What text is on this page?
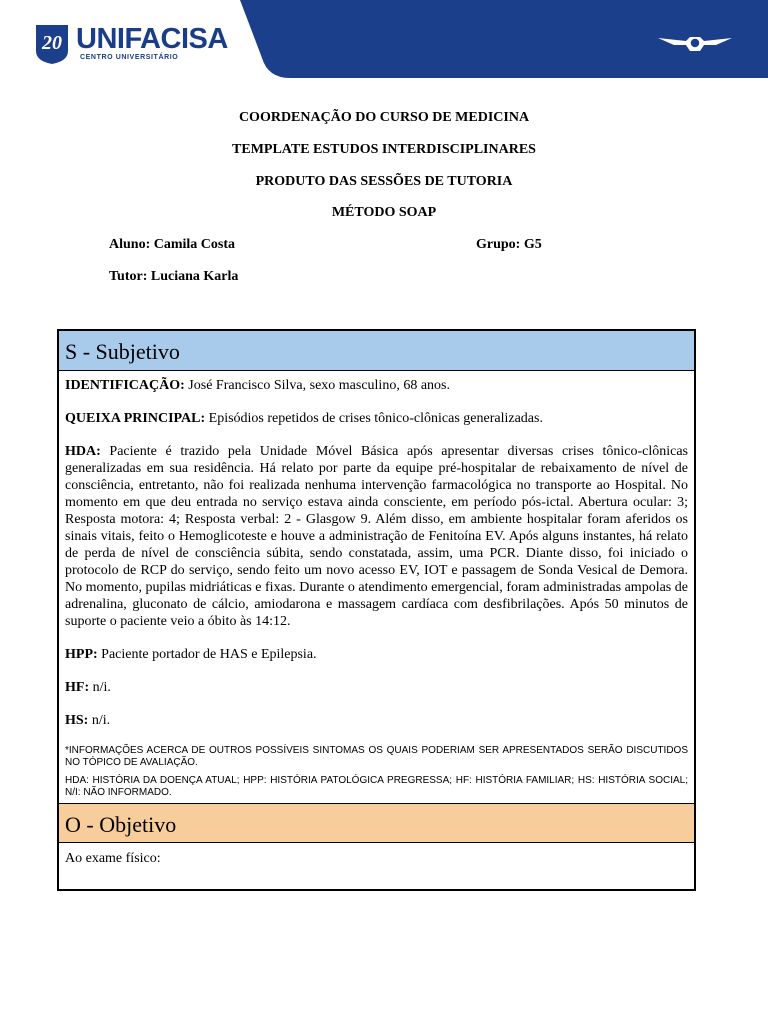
20 UNIFACISA
CENTRO UNIVERSITÁRIO
COORDENAÇÃO DO CURSO DE MEDICINA
TEMPLATE ESTUDOS INTERDISCIPLINARES
PRODUTO DAS SESSÕES DE TUTORIA
MÉTODO SOAP
Aluno: Camila Costa	Grupo: G5
Tutor: Luciana Karla
S - Subjetivo

IDENTIFICAÇÃO: José Francisco Silva, sexo masculino, 68 anos.

QUEIXA PRINCIPAL: Episódios repetidos de crises tônico-clônicas generalizadas.

HDA: Paciente é trazido pela Unidade Móvel Básica após apresentar diversas crises tônico-clônicas generalizadas em sua residência. Há relato por parte da equipe pré-hospitalar de rebaixamento de nível de consciência, entretanto, não foi realizada nenhuma intervenção farmacológica no transporte ao Hospital. No momento em que deu entrada no serviço estava ainda consciente, em período pós-ictal. Abertura ocular: 3; Resposta motora: 4; Resposta verbal: 2 - Glasgow 9. Além disso, em ambiente hospitalar foram aferidos os sinais vitais, feito o Hemoglicoteste e houve a administração de Fenitoína EV. Após alguns instantes, há relato de perda de nível de consciência súbita, sendo constatada, assim, uma PCR. Diante disso, foi iniciado o protocolo de RCP do serviço, sendo feito um novo acesso EV, IOT e passagem de Sonda Vesical de Demora. No momento, pupilas midriáticas e fixas. Durante o atendimento emergencial, foram administradas ampolas de adrenalina, gluconato de cálcio, amiodarona e massagem cardíaca com desfibrilações. Após 50 minutos de suporte o paciente veio a óbito às 14:12.

HPP: Paciente portador de HAS e Epilepsia.

HF: n/i.

HS: n/i.

*INFORMAÇÕES ACERCA DE OUTROS POSSÍVEIS SINTOMAS OS QUAIS PODERIAM SER APRESENTADOS SERÃO DISCUTIDOS NO TÓPICO DE AVALIAÇÃO.

HDA: HISTÓRIA DA DOENÇA ATUAL; HPP: HISTÓRIA PATOLÓGICA PREGRESSA; HF: HISTÓRIA FAMILIAR; HS: HISTÓRIA SOCIAL; N/I: NÃO INFORMADO.

O - Objetivo
Ao exame físico:
